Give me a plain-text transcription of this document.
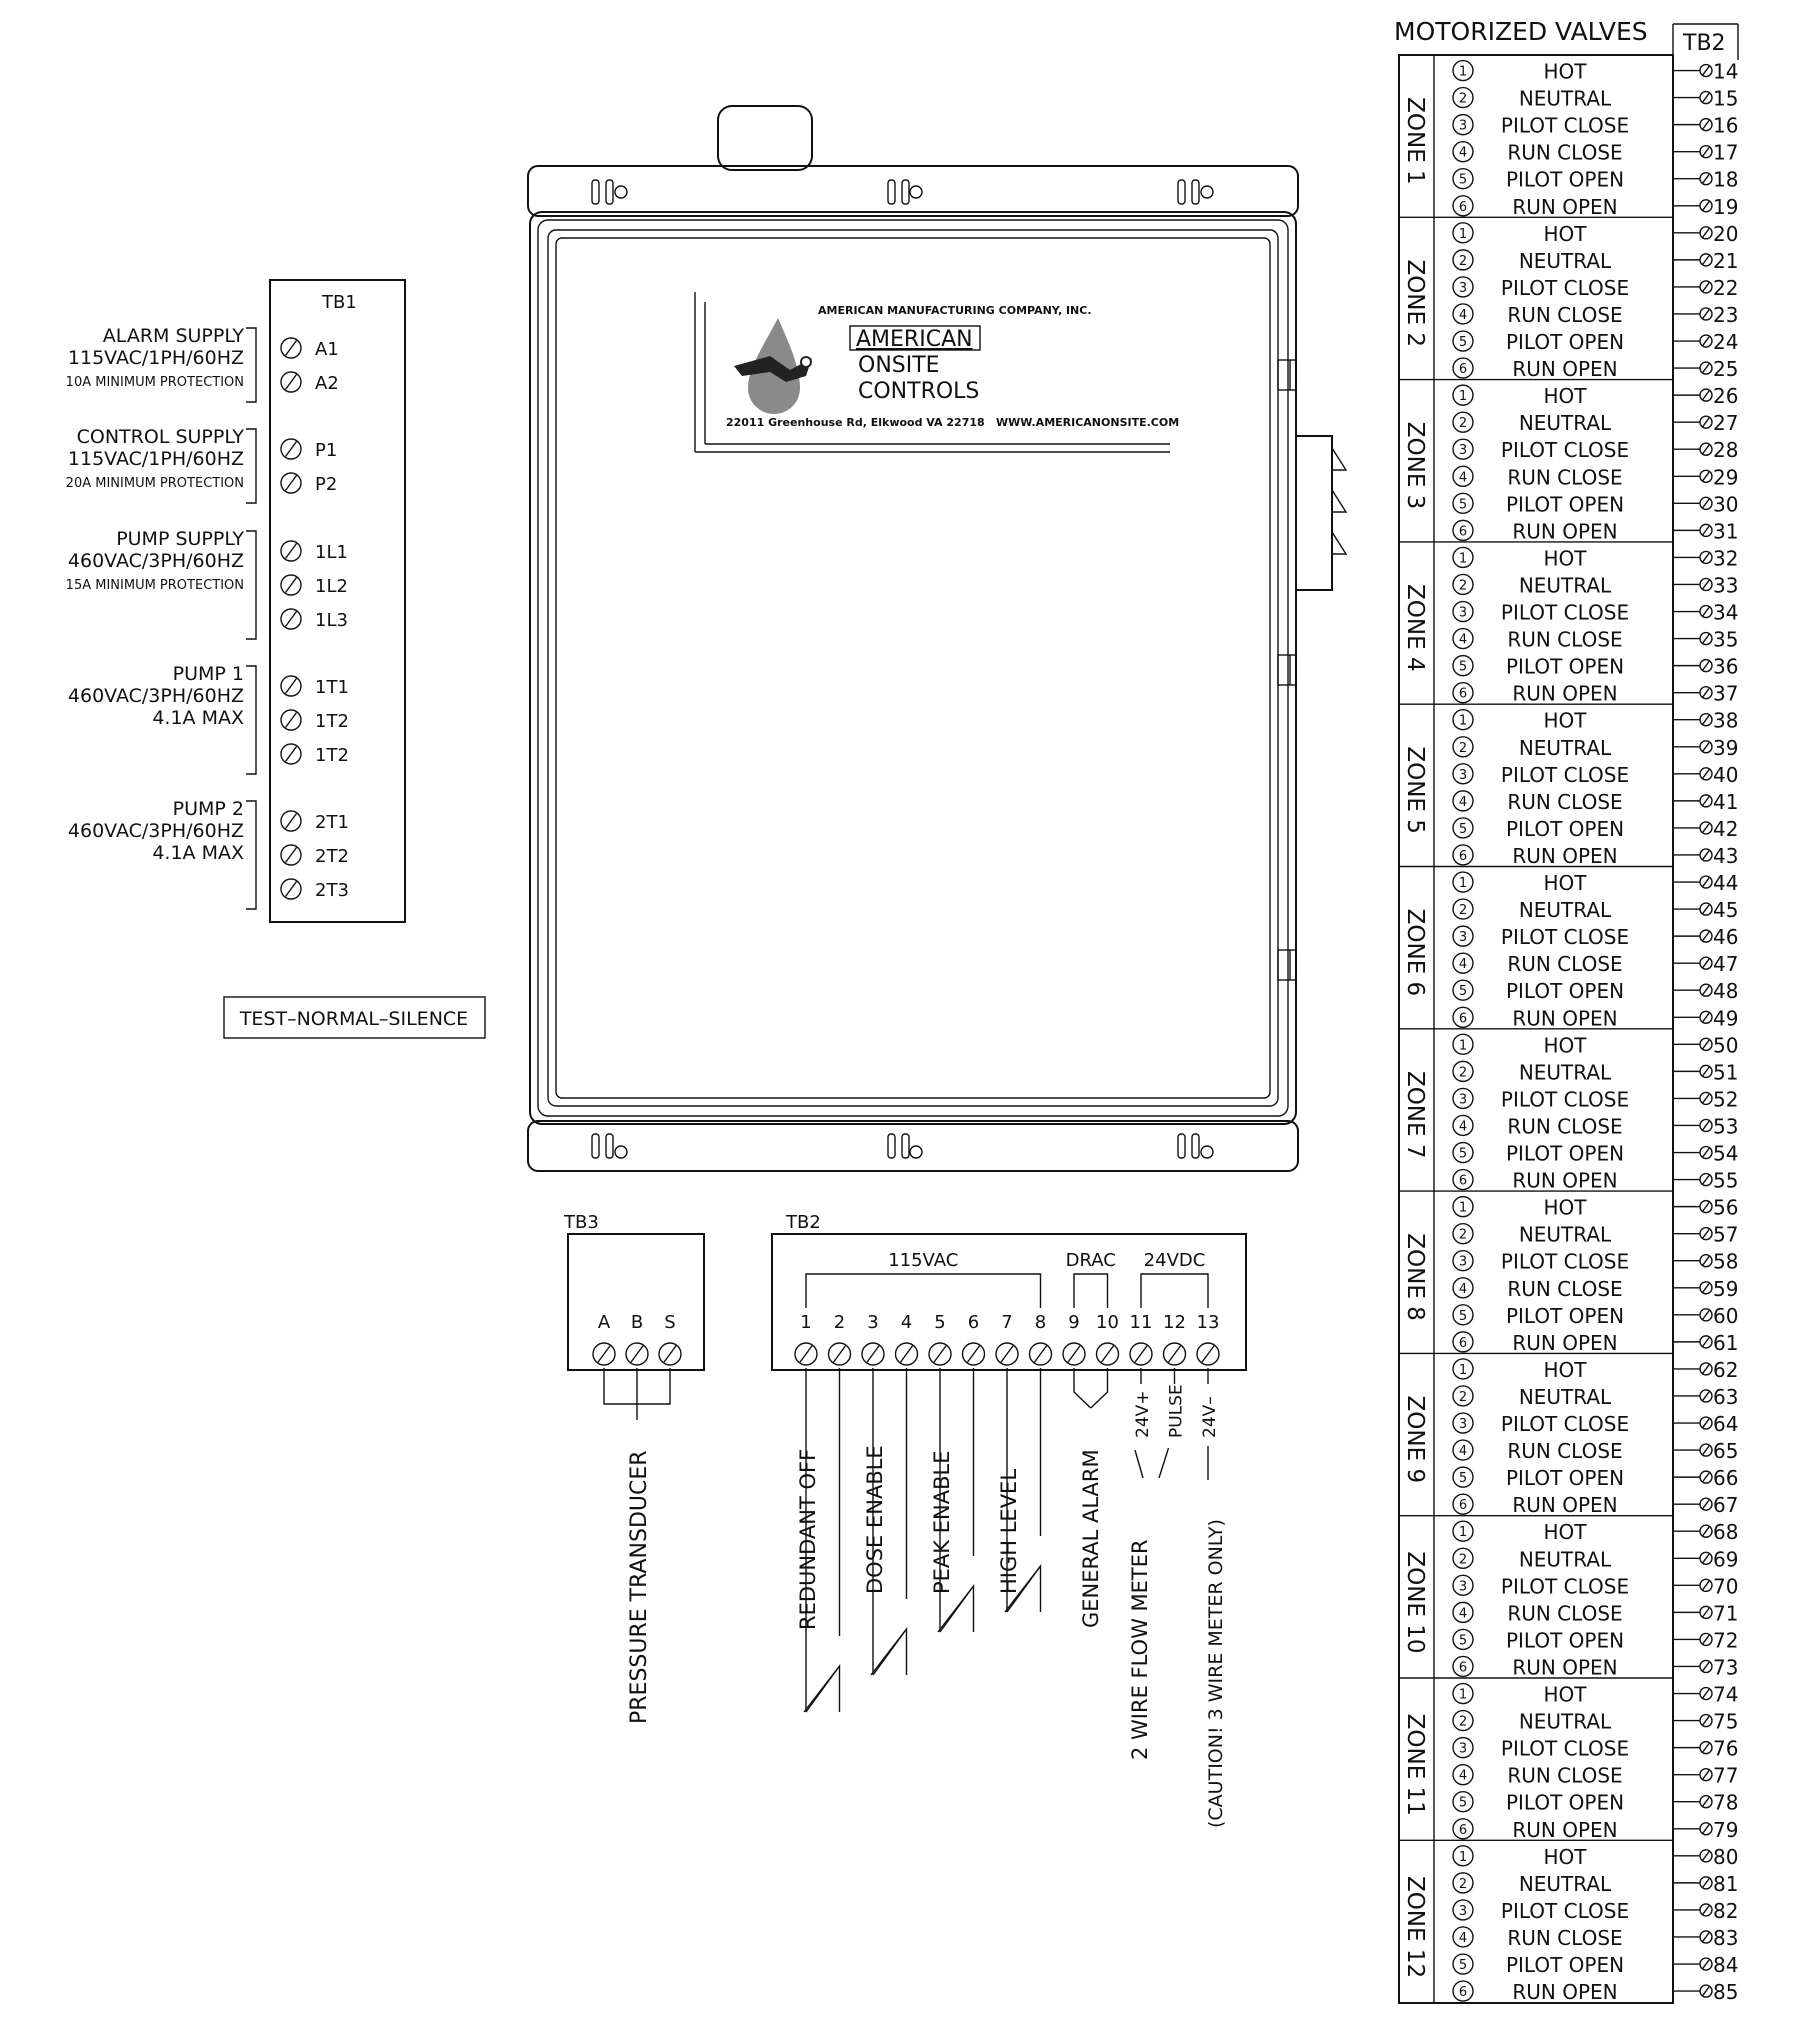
AMERICAN MANUFACTURING COMPANY, INC.
AMERICAN
ONSITE
CONTROLS
22011 Greenhouse Rd, Elkwood VA 22718 WWW.AMERICANONSITE.COM
TB1
A1
A2
ALARM SUPPLY
115VAC/1PH/60HZ
10A MINIMUM PROTECTION
P1
P2
CONTROL SUPPLY
115VAC/1PH/60HZ
20A MINIMUM PROTECTION
1L1
1L2
1L3
PUMP SUPPLY
460VAC/3PH/60HZ
15A MINIMUM PROTECTION
1T1
1T2
1T2
PUMP 1
460VAC/3PH/60HZ
4.1A MAX
2T1
2T2
2T3
PUMP 2
460VAC/3PH/60HZ
4.1A MAX
TEST–NORMAL–SILENCE
TB3
A B S
PRESSURE TRANSDUCER
TB2
115VAC	DRAC 24VDC
1 2 3 4 5 6 7 8 9 10 11 12 13
REDUNDANT OFF DOSE ENABLE PEAK ENABLE HIGH LEVEL	GENERAL ALARM
24V+ PULSE 24V–
2 WIRE FLOW METER	(CAUTION! 3 WIRE METER ONLY)
MOTORIZED VALVES TB2
ZONE 1
1	HOT	14
2	NEUTRAL	15
3 PILOT CLOSE	16
4 RUN CLOSE	17
5 PILOT OPEN	18
6 RUN OPEN	19
ZONE 2
1	HOT	20
2	NEUTRAL	21
3 PILOT CLOSE	22
4 RUN CLOSE	23
5 PILOT OPEN	24
6 RUN OPEN	25
ZONE 3
1	HOT	26
2	NEUTRAL	27
3 PILOT CLOSE	28
4 RUN CLOSE	29
5 PILOT OPEN	30
6 RUN OPEN	31
ZONE 4
1	HOT	32
2	NEUTRAL	33
3 PILOT CLOSE	34
4 RUN CLOSE	35
5 PILOT OPEN	36
6 RUN OPEN	37
ZONE 5
1	HOT	38
2	NEUTRAL	39
3 PILOT CLOSE	40
4 RUN CLOSE	41
5 PILOT OPEN	42
6 RUN OPEN	43
ZONE 6
1	HOT	44
2	NEUTRAL	45
3 PILOT CLOSE	46
4 RUN CLOSE	47
5 PILOT OPEN	48
6 RUN OPEN	49
ZONE 7
1	HOT	50
2	NEUTRAL	51
3 PILOT CLOSE	52
4 RUN CLOSE	53
5 PILOT OPEN	54
6 RUN OPEN	55
ZONE 8
1	HOT	56
2	NEUTRAL	57
3 PILOT CLOSE	58
4 RUN CLOSE	59
5 PILOT OPEN	60
6 RUN OPEN	61
ZONE 9
1	HOT	62
2	NEUTRAL	63
3 PILOT CLOSE	64
4 RUN CLOSE	65
5 PILOT OPEN	66
6 RUN OPEN	67
ZONE 10
1	HOT	68
2	NEUTRAL	69
3 PILOT CLOSE	70
4 RUN CLOSE	71
5 PILOT OPEN	72
6 RUN OPEN	73
ZONE 11
1	HOT	74
2	NEUTRAL	75
3 PILOT CLOSE	76
4 RUN CLOSE	77
5 PILOT OPEN	78
6 RUN OPEN	79
ZONE 12
1	HOT	80
2	NEUTRAL	81
3 PILOT CLOSE	82
4 RUN CLOSE	83
5 PILOT OPEN	84
6 RUN OPEN	85
